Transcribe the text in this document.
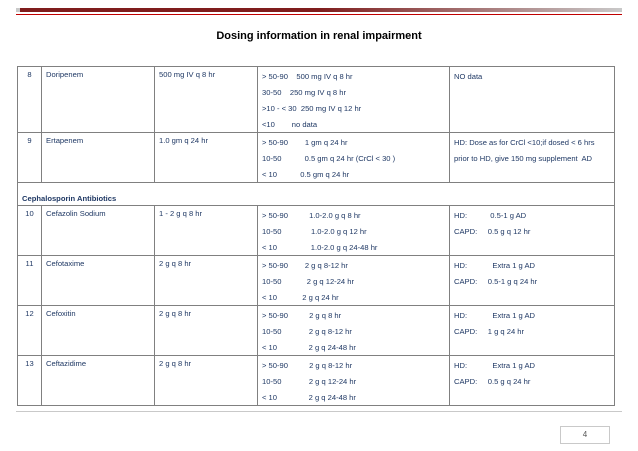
Dosing information in renal impairment
8	Doripenem	500 mg IV q 8 hr	> 50-90    500 mg IV q 8 hr
30-50    250 mg IV q 8 hr
>10 - < 30  250 mg IV q 12 hr
<10        no data	NO data

9	Ertapenem	1.0 gm q 24 hr	> 50-90        1 gm q 24 hr
10-50           0.5 gm q 24 hr (CrCl < 30 )
< 10           0.5 gm q 24 hr	HD: Dose as for CrCl <10;if dosed < 6 hrs
prior to HD, give 150 mg supplement  AD

Cephalosporin Antibiotics				
10	Cefazolin Sodium	1 - 2 g q 8 hr	> 50-90          1.0-2.0 g q 8 hr
10-50              1.0-2.0 g q 12 hr
< 10                1.0-2.0 g q 24-48 hr	HD:           0.5-1 g AD
CAPD:     0.5 g q 12 hr

11	Cefotaxime	2 g q 8 hr	> 50-90        2 g q 8-12 hr
10-50            2 g q 12-24 hr
< 10            2 g q 24 hr	HD:            Extra 1 g AD
CAPD:     0.5-1 g q 24 hr

12	Cefoxitin	2 g q 8 hr	> 50-90          2 g q 8 hr
10-50             2 g q 8-12 hr
< 10               2 g q 24-48 hr	HD:            Extra 1 g AD
CAPD:     1 g q 24 hr

13	Ceftazidime	2 g q 8 hr	> 50-90          2 g q 8-12 hr
10-50             2 g q 12-24 hr
< 10               2 g q 24-48 hr	HD:            Extra 1 g AD
CAPD:     0.5 g q 24 hr
4
